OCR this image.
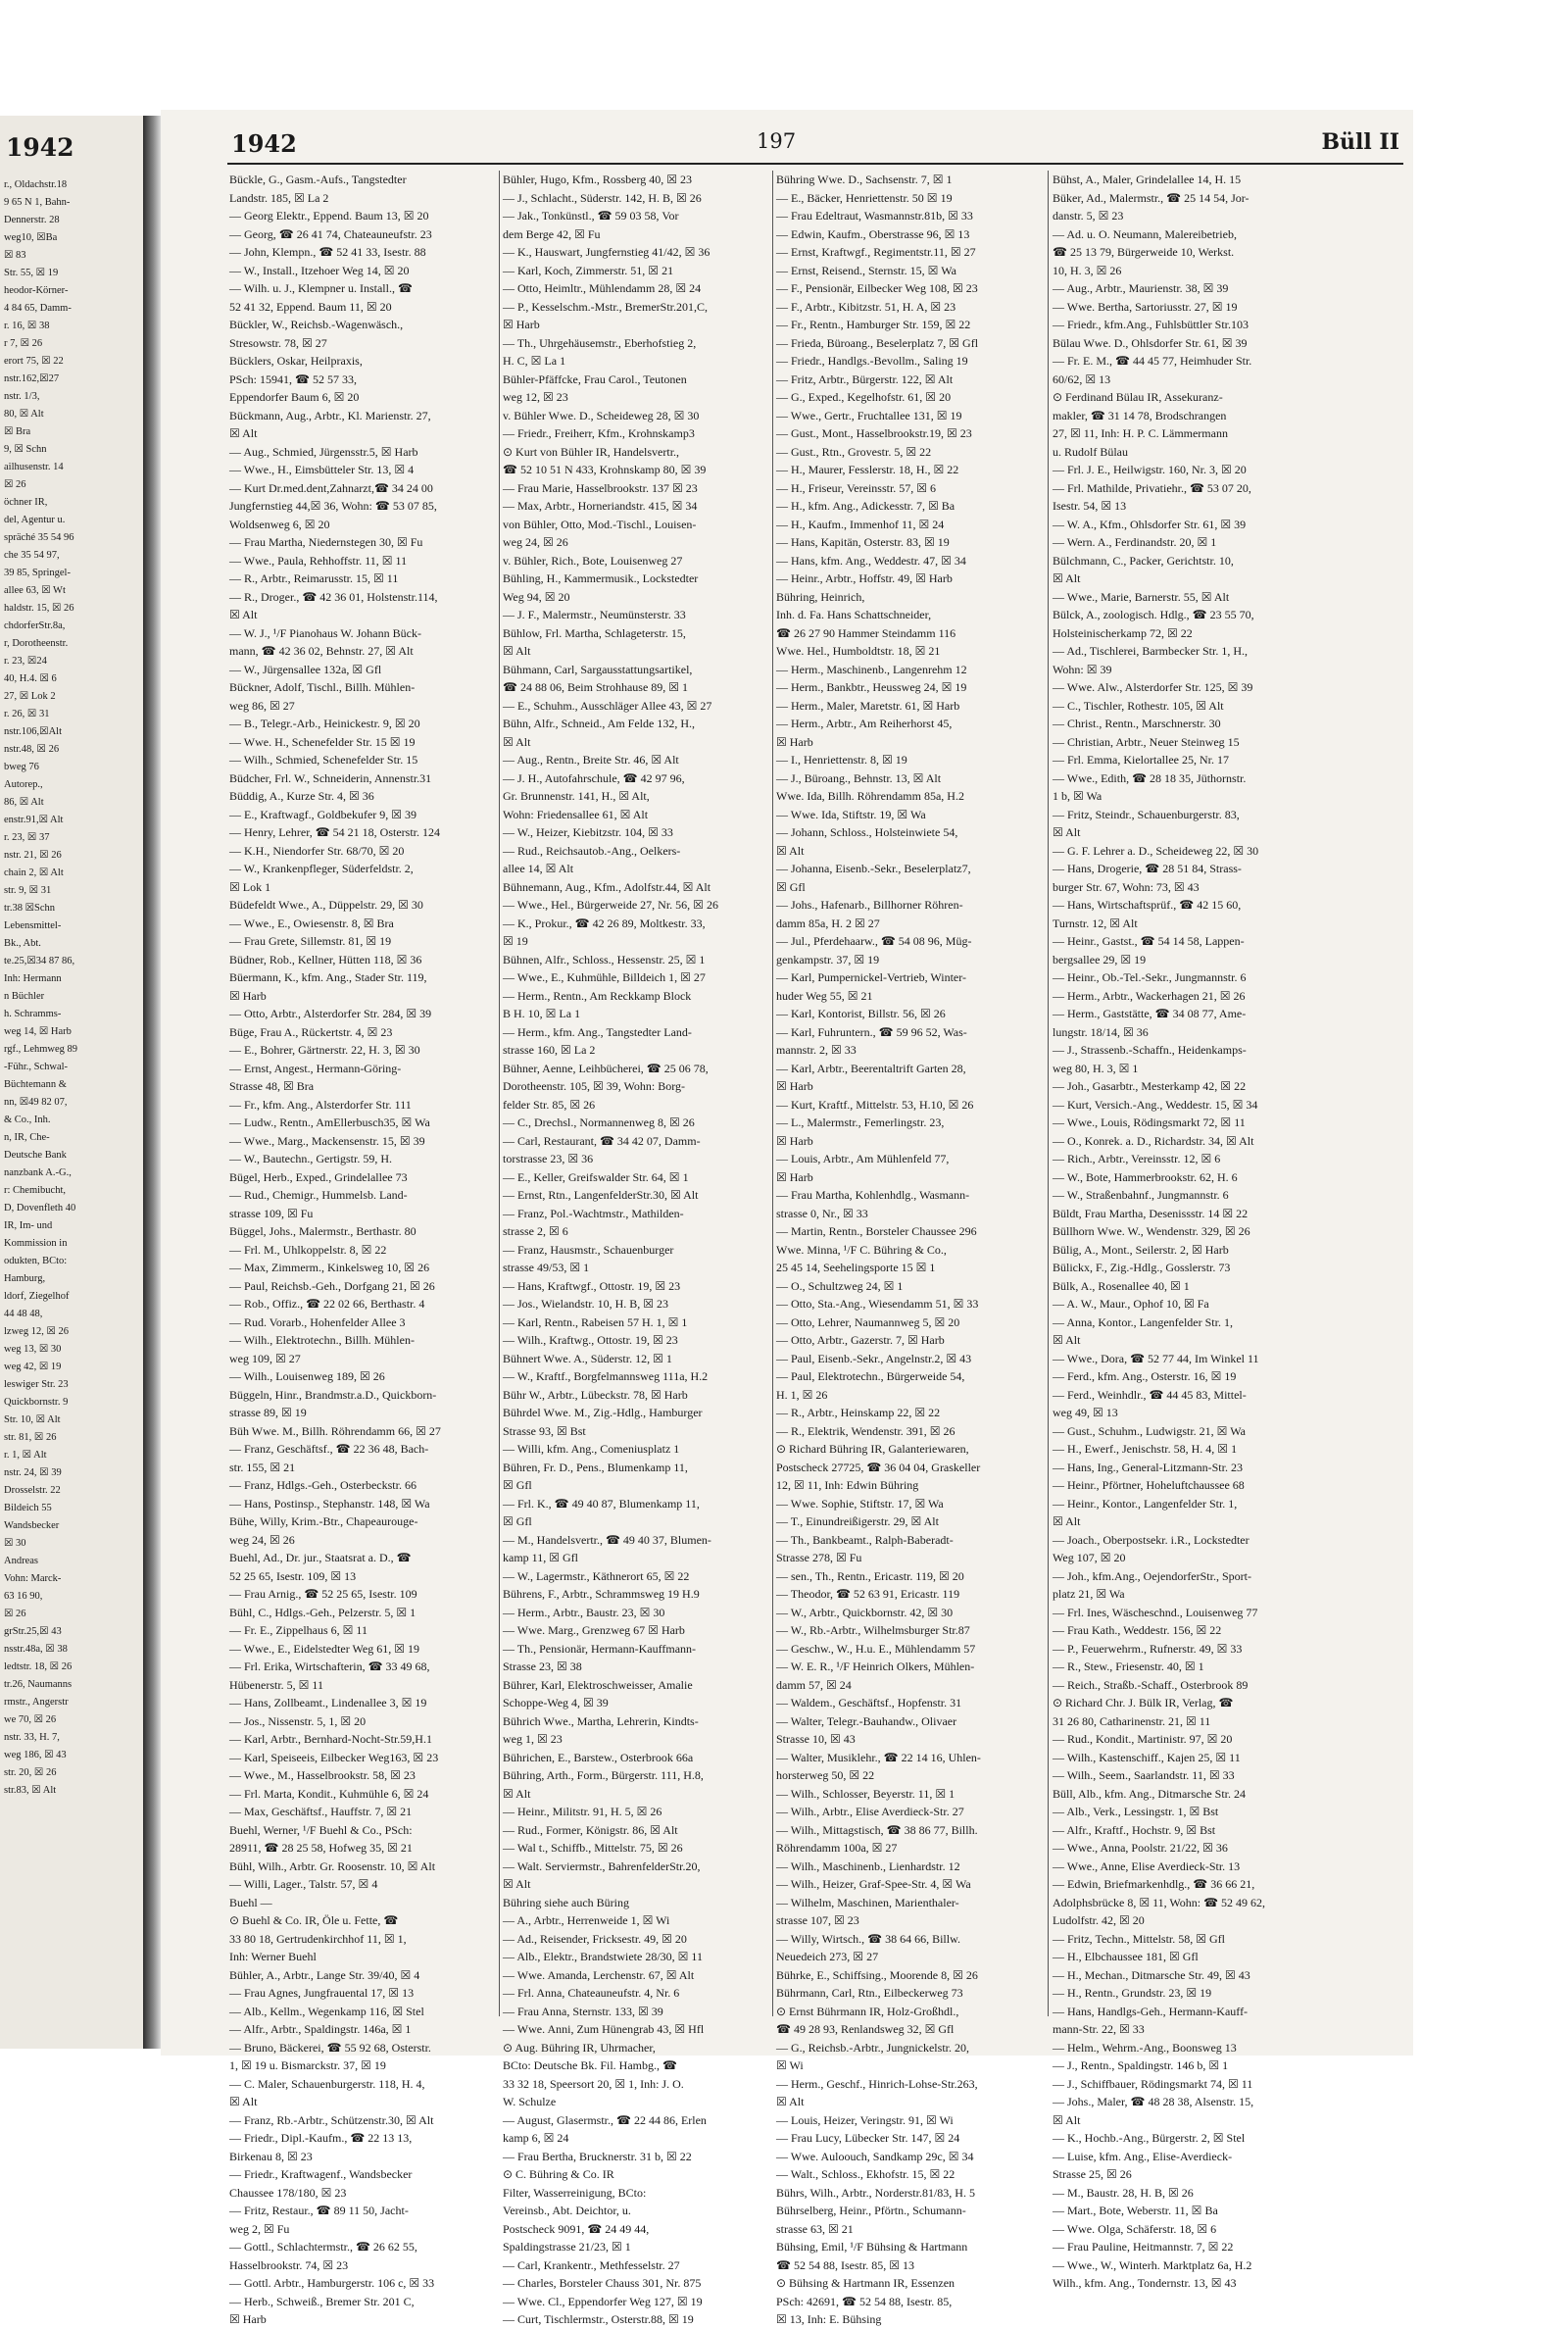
1942
r., Oldachstr.18
9 65 N 1, Bahn-
Dennerstr. 28
weg10, ☒Ba
☒ 83
Str. 55, ☒ 19
heodor-Körner-
4 84 65, Damm-
r. 16, ☒ 38
r 7, ☒ 26
erort 75, ☒ 22
nstr.162,☒27
nstr. 1/3,
80, ☒ Alt
☒ Bra
9, ☒ Schn
ailhusenstr. 14
☒ 26
öchner IR,
del, Agentur u.
spräché 35 54 96
che 35 54 97,
39 85, Springel-
allee 63, ☒ Wt
haldstr. 15, ☒ 26
chdorferStr.8a,
r, Dorotheenstr.
r. 23, ☒24
40, H.4. ☒ 6
27, ☒ Lok 2
r. 26, ☒ 31
nstr.106,☒Alt
nstr.48, ☒ 26
bweg 76
Autorep.,
86, ☒ Alt
enstr.91,☒ Alt
r. 23, ☒ 37
nstr. 21, ☒ 26
chain 2, ☒ Alt
str. 9, ☒ 31
tr.38 ☒Schn
Lebensmittel-
Bk., Abt.
te.25,☒34 87 86,
Inh: Hermann
n Büchler
h. Schramms-
weg 14, ☒ Harb
rgf., Lehmweg 89
-Führ., Schwal-
Büchtemann &
nn, ☒49 82 07,
& Co., Inh.
n, IR, Che-
Deutsche Bank
nanzbank A.-G.,
r: Chemibucht,
D, Dovenfleth 40
IR, Im- und
Kommission in
odukten, BCto:
Hamburg,
ldorf, Ziegelhof
44 48 48,
lzweg 12, ☒ 26
weg 13, ☒ 30
weg 42, ☒ 19
leswiger Str. 23
Quickbornstr. 9
Str. 10, ☒ Alt
str. 81, ☒ 26
r. 1, ☒ Alt
nstr. 24, ☒ 39
Drosselstr. 22
Bildeich 55
Wandsbecker
☒ 30
Andreas
Vohn: Marck-
63 16 90,
☒ 26
grStr.25,☒ 43
nsstr.48a, ☒ 38
ledtstr. 18, ☒ 26
tr.26, Naumanns
rmstr., Angerstr
we 70, ☒ 26
nstr. 33, H. 7,
weg 186, ☒ 43
str. 20, ☒ 26
str.83, ☒ Alt
1942	197	Büll II
Bückle, G., Gasm.-Aufs., Tangstedter
Landstr. 185, ☒ La 2
— Georg Elektr., Eppend. Baum 13, ☒ 20
— Georg, ☎ 26 41 74, Chateauneufstr. 23
— John, Klempn., ☎ 52 41 33, Isestr. 88
— W., Install., Itzehoer Weg 14, ☒ 20
— Wilh. u. J., Klempner u. Install., ☎
52 41 32, Eppend. Baum 11, ☒ 20
Bückler, W., Reichsb.-Wagenwäsch.,
Stresowstr. 78, ☒ 27
Bücklers, Oskar, Heilpraxis,
PSch: 15941, ☎ 52 57 33,
Eppendorfer Baum 6, ☒ 20
Bückmann, Aug., Arbtr., Kl. Marienstr. 27,
☒ Alt
— Aug., Schmied, Jürgensstr.5, ☒ Harb
— Wwe., H., Eimsbütteler Str. 13, ☒ 4
— Kurt Dr.med.dent,Zahnarzt,☎ 34 24 00
Jungfernstieg 44,☒ 36, Wohn: ☎ 53 07 85,
Woldsenweg 6, ☒ 20
— Frau Martha, Niedernstegen 30, ☒ Fu
— Wwe., Paula, Rehhoffstr. 11, ☒ 11
— R., Arbtr., Reimarusstr. 15, ☒ 11
— R., Droger., ☎ 42 36 01, Holstenstr.114,
☒ Alt
— W. J., ¹/F Pianohaus W. Johann Bück-
mann, ☎ 42 36 02, Behnstr. 27, ☒ Alt
— W., Jürgensallee 132a, ☒ Gfl
Bückner, Adolf, Tischl., Billh. Mühlen-
weg 86, ☒ 27
— B., Telegr.-Arb., Heinickestr. 9, ☒ 20
— Wwe. H., Schenefelder Str. 15 ☒ 19
— Wilh., Schmied, Schenefelder Str. 15
Büdcher, Frl. W., Schneiderin, Annenstr.31
Büddig, A., Kurze Str. 4, ☒ 36
— E., Kraftwagf., Goldbekufer 9, ☒ 39
— Henry, Lehrer, ☎ 54 21 18, Osterstr. 124
— K.H., Niendorfer Str. 68/70, ☒ 20
— W., Krankenpfleger, Süderfeldstr. 2,
☒ Lok 1
Büdefeldt Wwe., A., Düppelstr. 29, ☒ 30
— Wwe., E., Owiesenstr. 8, ☒ Bra
— Frau Grete, Sillemstr. 81, ☒ 19
Büdner, Rob., Kellner, Hütten 118, ☒ 36
Büermann, K., kfm. Ang., Stader Str. 119,
☒ Harb
— Otto, Arbtr., Alsterdorfer Str. 284, ☒ 39
Büge, Frau A., Rückertstr. 4, ☒ 23
— E., Bohrer, Gärtnerstr. 22, H. 3, ☒ 30
— Ernst, Angest., Hermann-Göring-
Strasse 48, ☒ Bra
— Fr., kfm. Ang., Alsterdorfer Str. 111
— Ludw., Rentn., AmEllerbusch35, ☒ Wa
— Wwe., Marg., Mackensenstr. 15, ☒ 39
— W., Bautechn., Gertigstr. 59, H.
Bügel, Herb., Exped., Grindelallee 73
— Rud., Chemigr., Hummelsb. Land-
strasse 109, ☒ Fu
Büggel, Johs., Malermstr., Berthastr. 80
— Frl. M., Uhlkoppelstr. 8, ☒ 22
— Max, Zimmerm., Kinkelsweg 10, ☒ 26
— Paul, Reichsb.-Geh., Dorfgang 21, ☒ 26
— Rob., Offiz., ☎ 22 02 66, Berthastr. 4
— Rud. Vorarb., Hohenfelder Allee 3
— Wilh., Elektrotechn., Billh. Mühlen-
weg 109, ☒ 27
— Wilh., Louisenweg 189, ☒ 26
Büggeln, Hinr., Brandmstr.a.D., Quickborn-
strasse 89, ☒ 19
Büh Wwe. M., Billh. Röhrendamm 66, ☒ 27
— Franz, Geschäftsf., ☎ 22 36 48, Bach-
str. 155, ☒ 21
— Franz, Hdlgs.-Geh., Osterbeckstr. 66
— Hans, Postinsp., Stephanstr. 148, ☒ Wa
Bühe, Willy, Krim.-Btr., Chapeaurouge-
weg 24, ☒ 26
Buehl, Ad., Dr. jur., Staatsrat a. D., ☎
52 25 65, Isestr. 109, ☒ 13
— Frau Arnig., ☎ 52 25 65, Isestr. 109
Bühl, C., Hdlgs.-Geh., Pelzerstr. 5, ☒ 1
— Fr. E., Zippelhaus 6, ☒ 11
— Wwe., E., Eidelstedter Weg 61, ☒ 19
— Frl. Erika, Wirtschafterin, ☎ 33 49 68,
Hübenerstr. 5, ☒ 11
— Hans, Zollbeamt., Lindenallee 3, ☒ 19
— Jos., Nissenstr. 5, 1, ☒ 20
— Karl, Arbtr., Bernhard-Nocht-Str.59,H.1
— Karl, Speiseeis, Eilbecker Weg163, ☒ 23
— Wwe., M., Hasselbrookstr. 58, ☒ 23
— Frl. Marta, Kondit., Kuhmühle 6, ☒ 24
— Max, Geschäftsf., Hauffstr. 7, ☒ 21
Buehl, Werner, ¹/F Buehl & Co., PSch:
28911, ☎ 28 25 58, Hofweg 35, ☒ 21
Bühl, Wilh., Arbtr. Gr. Roosenstr. 10, ☒ Alt
— Willi, Lager., Talstr. 57, ☒ 4
Buehl —
⊙ Buehl & Co. IR, Öle u. Fette, ☎
33 80 18, Gertrudenkirchhof 11, ☒ 1,
Inh: Werner Buehl
Bühler, A., Arbtr., Lange Str. 39/40, ☒ 4
— Frau Agnes, Jungfrauental 17, ☒ 13
— Alb., Kellm., Wegenkamp 116, ☒ Stel
— Alfr., Arbtr., Spaldingstr. 146a, ☒ 1
— Bruno, Bäckerei, ☎ 55 92 68, Osterstr.
1, ☒ 19 u. Bismarckstr. 37, ☒ 19
— C. Maler, Schauenburgerstr. 118, H. 4,
☒ Alt
— Franz, Rb.-Arbtr., Schützenstr.30, ☒ Alt
— Friedr., Dipl.-Kaufm., ☎ 22 13 13,
Birkenau 8, ☒ 23
— Friedr., Kraftwagenf., Wandsbecker
Chaussee 178/180, ☒ 23
— Fritz, Restaur., ☎ 89 11 50, Jacht-
weg 2, ☒ Fu
— Gottl., Schlachtermstr., ☎ 26 62 55,
Hasselbrookstr. 74, ☒ 23
— Gottl. Arbtr., Hamburgerstr. 106 c, ☒ 33
— Herb., Schweiß., Bremer Str. 201 C,
☒ Harb
Bühler, Hugo, Kfm., Rossberg 40, ☒ 23
— J., Schlacht., Süderstr. 142, H. B, ☒ 26
— Jak., Tonkünstl., ☎ 59 03 58, Vor
dem Berge 42, ☒ Fu
— K., Hauswart, Jungfernstieg 41/42, ☒ 36
— Karl, Koch, Zimmerstr. 51, ☒ 21
— Otto, Heimltr., Mühlendamm 28, ☒ 24
— P., Kesselschm.-Mstr., BremerStr.201,C,
☒ Harb
— Th., Uhrgehäusemstr., Eberhofstieg 2,
H. C, ☒ La 1
Bühler-Pfäffcke, Frau Carol., Teutonen
weg 12, ☒ 23
v. Bühler Wwe. D., Scheideweg 28, ☒ 30
— Friedr., Freiherr, Kfm., Krohnskamp3
⊙ Kurt von Bühler IR, Handelsvertr.,
☎ 52 10 51 N 433, Krohnskamp 80, ☒ 39
— Frau Marie, Hasselbrookstr. 137 ☒ 23
— Max, Arbtr., Horneriandstr. 415, ☒ 34
von Bühler, Otto, Mod.-Tischl., Louisen-
weg 24, ☒ 26
v. Bühler, Rich., Bote, Louisenweg 27
Bühling, H., Kammermusik., Lockstedter
Weg 94, ☒ 20
— J. F., Malermstr., Neumünsterstr. 33
Bühlow, Frl. Martha, Schlageterstr. 15,
☒ Alt
Bühmann, Carl, Sargausstattungsartikel,
☎ 24 88 06, Beim Strohhause 89, ☒ 1
— E., Schuhm., Ausschläger Allee 43, ☒ 27
Bühn, Alfr., Schneid., Am Felde 132, H.,
☒ Alt
— Aug., Rentn., Breite Str. 46, ☒ Alt
— J. H., Autofahrschule, ☎ 42 97 96,
Gr. Brunnenstr. 141, H., ☒ Alt,
Wohn: Friedensallee 61, ☒ Alt
— W., Heizer, Kiebitzstr. 104, ☒ 33
— Rud., Reichsautob.-Ang., Oelkers-
allee 14, ☒ Alt
Bühnemann, Aug., Kfm., Adolfstr.44, ☒ Alt
— Wwe., Hel., Bürgerweide 27, Nr. 56, ☒ 26
— K., Prokur., ☎ 42 26 89, Moltkestr. 33,
☒ 19
Bühnen, Alfr., Schloss., Hessenstr. 25, ☒ 1
— Wwe., E., Kuhmühle, Billdeich 1, ☒ 27
— Herm., Rentn., Am Reckkamp Block
B H. 10, ☒ La 1
— Herm., kfm. Ang., Tangstedter Land-
strasse 160, ☒ La 2
Bühner, Aenne, Leihbücherei, ☎ 25 06 78,
Dorotheenstr. 105, ☒ 39, Wohn: Borg-
felder Str. 85, ☒ 26
— C., Drechsl., Normannenweg 8, ☒ 26
— Carl, Restaurant, ☎ 34 42 07, Damm-
torstrasse 23, ☒ 36
— E., Keller, Greifswalder Str. 64, ☒ 1
— Ernst, Rtn., LangenfelderStr.30, ☒ Alt
— Franz, Pol.-Wachtmstr., Mathilden-
strasse 2, ☒ 6
— Franz, Hausmstr., Schauenburger
strasse 49/53, ☒ 1
— Hans, Kraftwgf., Ottostr. 19, ☒ 23
— Jos., Wielandstr. 10, H. B, ☒ 23
— Karl, Rentn., Rabeisen 57 H. 1, ☒ 1
— Wilh., Kraftwg., Ottostr. 19, ☒ 23
Bühnert Wwe. A., Süderstr. 12, ☒ 1
— W., Kraftf., Borgfelmannsweg 111a, H.2
Bühr W., Arbtr., Lübeckstr. 78, ☒ Harb
Bührdel Wwe. M., Zig.-Hdlg., Hamburger
Strasse 93, ☒ Bst
— Willi, kfm. Ang., Comeniusplatz 1
Bühren, Fr. D., Pens., Blumenkamp 11,
☒ Gfl
— Frl. K., ☎ 49 40 87, Blumenkamp 11,
☒ Gfl
— M., Handelsvertr., ☎ 49 40 37, Blumen-
kamp 11, ☒ Gfl
— W., Lagermstr., Käthnerort 65, ☒ 22
Bührens, F., Arbtr., Schrammsweg 19 H.9
— Herm., Arbtr., Baustr. 23, ☒ 30
— Wwe. Marg., Grenzweg 67 ☒ Harb
— Th., Pensionär, Hermann-Kauffmann-
Strasse 23, ☒ 38
Bührer, Karl, Elektroschweisser, Amalie
Schoppe-Weg 4, ☒ 39
Bührich Wwe., Martha, Lehrerin, Kindts-
weg 1, ☒ 23
Bührichen, E., Barstew., Osterbrook 66a
Bühring, Arth., Form., Bürgerstr. 111, H.8,
☒ Alt
— Heinr., Militstr. 91, H. 5, ☒ 26
— Rud., Former, Königstr. 86, ☒ Alt
— Wal t., Schiffb., Mittelstr. 75, ☒ 26
— Walt. Serviermstr., BahrenfelderStr.20,
☒ Alt
Bühring siehe auch Büring
— A., Arbtr., Herrenweide 1, ☒ Wi
— Ad., Reisender, Fricksestr. 49, ☒ 20
— Alb., Elektr., Brandstwiete 28/30, ☒ 11
— Wwe. Amanda, Lerchenstr. 67, ☒ Alt
— Frl. Anna, Chateauneufstr. 4, Nr. 6
— Frau Anna, Sternstr. 133, ☒ 39
— Wwe. Anni, Zum Hünengrab 43, ☒ Hfl
⊙ Aug. Bühring IR, Uhrmacher,
BCto: Deutsche Bk. Fil. Hambg., ☎
33 32 18, Speersort 20, ☒ 1, Inh: J. O.
W. Schulze
— August, Glasermstr., ☎ 22 44 86, Erlen
kamp 6, ☒ 24
— Frau Bertha, Brucknerstr. 31 b, ☒ 22
⊙ C. Bühring & Co. IR
Filter, Wasserreinigung, BCto:
Vereinsb., Abt. Deichtor, u.
Postscheck 9091, ☎ 24 49 44,
Spaldingstrasse 21/23, ☒ 1
— Carl, Krankentr., Methfesselstr. 27
— Charles, Borsteler Chauss 301, Nr. 875
— Wwe. Cl., Eppendorfer Weg 127, ☒ 19
— Curt, Tischlermstr., Osterstr.88, ☒ 19
Bühring Wwe. D., Sachsenstr. 7, ☒ 1
— E., Bäcker, Henriettenstr. 50 ☒ 19
— Frau Edeltraut, Wasmannstr.81b, ☒ 33
— Edwin, Kaufm., Oberstrasse 96, ☒ 13
— Ernst, Kraftwgf., Regimentstr.11, ☒ 27
— Ernst, Reisend., Sternstr. 15, ☒ Wa
— F., Pensionär, Eilbecker Weg 108, ☒ 23
— F., Arbtr., Kibitzstr. 51, H. A, ☒ 23
— Fr., Rentn., Hamburger Str. 159, ☒ 22
— Frieda, Büroang., Beselerplatz 7, ☒ Gfl
— Friedr., Handlgs.-Bevollm., Saling 19
— Fritz, Arbtr., Bürgerstr. 122, ☒ Alt
— G., Exped., Kegelhofstr. 61, ☒ 20
— Wwe., Gertr., Fruchtallee 131, ☒ 19
— Gust., Mont., Hasselbrookstr.19, ☒ 23
— Gust., Rtn., Grovestr. 5, ☒ 22
— H., Maurer, Fesslerstr. 18, H., ☒ 22
— H., Friseur, Vereinsstr. 57, ☒ 6
— H., kfm. Ang., Adickesstr. 7, ☒ Ba
— H., Kaufm., Immenhof 11, ☒ 24
— Hans, Kapitän, Osterstr. 83, ☒ 19
— Hans, kfm. Ang., Weddestr. 47, ☒ 34
— Heinr., Arbtr., Hoffstr. 49, ☒ Harb
Bühring, Heinrich,
Inh. d. Fa. Hans Schattschneider,
☎ 26 27 90 Hammer Steindamm 116
Wwe. Hel., Humboldtstr. 18, ☒ 21
— Herm., Maschinenb., Langenrehm 12
— Herm., Bankbtr., Heussweg 24, ☒ 19
— Herm., Maler, Maretstr. 61, ☒ Harb
— Herm., Arbtr., Am Reiherhorst 45,
☒ Harb
— I., Henriettenstr. 8, ☒ 19
— J., Büroang., Behnstr. 13, ☒ Alt
Wwe. Ida, Billh. Röhrendamm 85a, H.2
— Wwe. Ida, Stiftstr. 19, ☒ Wa
— Johann, Schloss., Holsteinwiete 54,
☒ Alt
— Johanna, Eisenb.-Sekr., Beselerplatz7,
☒ Gfl
— Johs., Hafenarb., Billhorner Röhren-
damm 85a, H. 2 ☒ 27
— Jul., Pferdehaarw., ☎ 54 08 96, Müg-
genkampstr. 37, ☒ 19
— Karl, Pumpernickel-Vertrieb, Winter-
huder Weg 55, ☒ 21
— Karl, Kontorist, Billstr. 56, ☒ 26
— Karl, Fuhruntern., ☎ 59 96 52, Was-
mannstr. 2, ☒ 33
— Karl, Arbtr., Beerentaltrift Garten 28,
☒ Harb
— Kurt, Kraftf., Mittelstr. 53, H.10, ☒ 26
— L., Malermstr., Femerlingstr. 23,
☒ Harb
— Louis, Arbtr., Am Mühlenfeld 77,
☒ Harb
— Frau Martha, Kohlenhdlg., Wasmann-
strasse 0, Nr., ☒ 33
— Martin, Rentn., Borsteler Chaussee 296
Wwe. Minna, ¹/F C. Bühring & Co.,
25 45 14, Seehelingsporte 15 ☒ 1
— O., Schultzweg 24, ☒ 1
— Otto, Sta.-Ang., Wiesendamm 51, ☒ 33
— Otto, Lehrer, Naumannweg 5, ☒ 20
— Otto, Arbtr., Gazerstr. 7, ☒ Harb
— Paul, Eisenb.-Sekr., Angelnstr.2, ☒ 43
— Paul, Elektrotechn., Bürgerweide 54,
H. 1, ☒ 26
— R., Arbtr., Heinskamp 22, ☒ 22
— R., Elektrik, Wendenstr. 391, ☒ 26
⊙ Richard Bühring IR, Galanteriewaren,
Postscheck 27725, ☎ 36 04 04, Graskeller
12, ☒ 11, Inh: Edwin Bühring
— Wwe. Sophie, Stiftstr. 17, ☒ Wa
— T., Einundreißigerstr. 29, ☒ Alt
— Th., Bankbeamt., Ralph-Baberadt-
Strasse 278, ☒ Fu
— sen., Th., Rentn., Ericastr. 119, ☒ 20
— Theodor, ☎ 52 63 91, Ericastr. 119
— W., Arbtr., Quickbornstr. 42, ☒ 30
— W., Rb.-Arbtr., Wilhelmsburger Str.87
— Geschw., W., H.u. E., Mühlendamm 57
— W. E. R., ¹/F Heinrich Olkers, Mühlen-
damm 57, ☒ 24
— Waldem., Geschäftsf., Hopfenstr. 31
— Walter, Telegr.-Bauhandw., Olivaer
Strasse 10, ☒ 43
— Walter, Musiklehr., ☎ 22 14 16, Uhlen-
horsterweg 50, ☒ 22
— Wilh., Schlosser, Beyerstr. 11, ☒ 1
— Wilh., Arbtr., Elise Averdieck-Str. 27
— Wilh., Mittagstisch, ☎ 38 86 77, Billh.
Röhrendamm 100a, ☒ 27
— Wilh., Maschinenb., Lienhardstr. 12
— Wilh., Heizer, Graf-Spee-Str. 4, ☒ Wa
— Wilhelm, Maschinen, Marienthaler-
strasse 107, ☒ 23
— Willy, Wirtsch., ☎ 38 64 66, Billw.
Neuedeich 273, ☒ 27
Bührke, E., Schiffsing., Moorende 8, ☒ 26
Bührmann, Carl, Rtn., Eilbeckerweg 73
⊙ Ernst Bührmann IR, Holz-Großhdl.,
☎ 49 28 93, Renlandsweg 32, ☒ Gfl
— G., Reichsb.-Arbtr., Jungnickelstr. 20,
☒ Wi
— Herm., Geschf., Hinrich-Lohse-Str.263,
☒ Alt
— Louis, Heizer, Veringstr. 91, ☒ Wi
— Frau Lucy, Lübecker Str. 147, ☒ 24
— Wwe. Auloouch, Sandkamp 29c, ☒ 34
— Walt., Schloss., Ekhofstr. 15, ☒ 22
Bührs, Wilh., Arbtr., Norderstr.81/83, H. 5
Bührselberg, Heinr., Pförtn., Schumann-
strasse 63, ☒ 21
Bühsing, Emil, ¹/F Bühsing & Hartmann
☎ 52 54 88, Isestr. 85, ☒ 13
⊙ Bühsing & Hartmann IR, Essenzen
PSch: 42691, ☎ 52 54 88, Isestr. 85,
☒ 13, Inh: E. Bühsing
Bühst, A., Maler, Grindelallee 14, H. 15
Büker, Ad., Malermstr., ☎ 25 14 54, Jor-
danstr. 5, ☒ 23
— Ad. u. O. Neumann, Malereibetrieb,
☎ 25 13 79, Bürgerweide 10, Werkst.
10, H. 3, ☒ 26
— Aug., Arbtr., Maurienstr. 38, ☒ 39
— Wwe. Bertha, Sartoriusstr. 27, ☒ 19
— Friedr., kfm.Ang., Fuhlsbüttler Str.103
Bülau Wwe. D., Ohlsdorfer Str. 61, ☒ 39
— Fr. E. M., ☎ 44 45 77, Heimhuder Str.
60/62, ☒ 13
⊙ Ferdinand Bülau IR, Assekuranz-
makler, ☎ 31 14 78, Brodschrangen
27, ☒ 11, Inh: H. P. C. Lämmermann
u. Rudolf Bülau
— Frl. J. E., Heilwigstr. 160, Nr. 3, ☒ 20
— Frl. Mathilde, Privatiehr., ☎ 53 07 20,
Isestr. 54, ☒ 13
— W. A., Kfm., Ohlsdorfer Str. 61, ☒ 39
— Wern. A., Ferdinandstr. 20, ☒ 1
Bülchmann, C., Packer, Gerichtstr. 10,
☒ Alt
— Wwe., Marie, Barnerstr. 55, ☒ Alt
Bülck, A., zoologisch. Hdlg., ☎ 23 55 70,
Holsteinischerkamp 72, ☒ 22
— Ad., Tischlerei, Barmbecker Str. 1, H.,
Wohn: ☒ 39
— Wwe. Alw., Alsterdorfer Str. 125, ☒ 39
— C., Tischler, Rothestr. 105, ☒ Alt
— Christ., Rentn., Marschnerstr. 30
— Christian, Arbtr., Neuer Steinweg 15
— Frl. Emma, Kielortallee 25, Nr. 17
— Wwe., Edith, ☎ 28 18 35, Jüthornstr.
1 b, ☒ Wa
— Fritz, Steindr., Schauenburgerstr. 83,
☒ Alt
— G. F. Lehrer a. D., Scheideweg 22, ☒ 30
— Hans, Drogerie, ☎ 28 51 84, Strass-
burger Str. 67, Wohn: 73, ☒ 43
— Hans, Wirtschaftsprüf., ☎ 42 15 60,
Turnstr. 12, ☒ Alt
— Heinr., Gastst., ☎ 54 14 58, Lappen-
bergsallee 29, ☒ 19
— Heinr., Ob.-Tel.-Sekr., Jungmannstr. 6
— Herm., Arbtr., Wackerhagen 21, ☒ 26
— Herm., Gaststätte, ☎ 34 08 77, Ame-
lungstr. 18/14, ☒ 36
— J., Strassenb.-Schaffn., Heidenkamps-
weg 80, H. 3, ☒ 1
— Joh., Gasarbtr., Mesterkamp 42, ☒ 22
— Kurt, Versich.-Ang., Weddestr. 15, ☒ 34
— Wwe., Louis, Rödingsmarkt 72, ☒ 11
— O., Konrek. a. D., Richardstr. 34, ☒ Alt
— Rich., Arbtr., Vereinsstr. 12, ☒ 6
— W., Bote, Hammerbrookstr. 62, H. 6
— W., Straßenbahnf., Jungmannstr. 6
Büldt, Frau Martha, Desenissstr. 14 ☒ 22
Büllhorn Wwe. W., Wendenstr. 329, ☒ 26
Bülig, A., Mont., Seilerstr. 2, ☒ Harb
Bülickx, F., Zig.-Hdlg., Gosslerstr. 73
Bülk, A., Rosenallee 40, ☒ 1
— A. W., Maur., Ophof 10, ☒ Fa
— Anna, Kontor., Langenfelder Str. 1,
☒ Alt
— Wwe., Dora, ☎ 52 77 44, Im Winkel 11
— Ferd., kfm. Ang., Osterstr. 16, ☒ 19
— Ferd., Weinhdlr., ☎ 44 45 83, Mittel-
weg 49, ☒ 13
— Gust., Schuhm., Ludwigstr. 21, ☒ Wa
— H., Ewerf., Jenischstr. 58, H. 4, ☒ 1
— Hans, Ing., General-Litzmann-Str. 23
— Heinr., Pförtner, Hoheluftchaussee 68
— Heinr., Kontor., Langenfelder Str. 1,
☒ Alt
— Joach., Oberpostsekr. i.R., Lockstedter
Weg 107, ☒ 20
— Joh., kfm.Ang., OejendorferStr., Sport-
platz 21, ☒ Wa
— Frl. Ines, Wäscheschnd., Louisenweg 77
— Frau Kath., Weddestr. 156, ☒ 22
— P., Feuerwehrm., Rufnerstr. 49, ☒ 33
— R., Stew., Friesenstr. 40, ☒ 1
— Reich., Straßb.-Schaff., Osterbrook 89
⊙ Richard Chr. J. Bülk IR, Verlag, ☎
31 26 80, Catharinenstr. 21, ☒ 11
— Rud., Kondit., Martinistr. 97, ☒ 20
— Wilh., Kastenschiff., Kajen 25, ☒ 11
— Wilh., Seem., Saarlandstr. 11, ☒ 33
Büll, Alb., kfm. Ang., Ditmarsche Str. 24
— Alb., Verk., Lessingstr. 1, ☒ Bst
— Alfr., Kraftf., Hochstr. 9, ☒ Bst
— Wwe., Anna, Poolstr. 21/22, ☒ 36
— Wwe., Anne, Elise Averdieck-Str. 13
— Edwin, Briefmarkenhdlg., ☎ 36 66 21,
Adolphsbrücke 8, ☒ 11, Wohn: ☎ 52 49 62,
Ludolfstr. 42, ☒ 20
— Fritz, Techn., Mittelstr. 58, ☒ Gfl
— H., Elbchaussee 181, ☒ Gfl
— H., Mechan., Ditmarsche Str. 49, ☒ 43
— H., Rentn., Grundstr. 23, ☒ 19
— Hans, Handlgs-Geh., Hermann-Kauff-
mann-Str. 22, ☒ 33
— Helm., Wehrm.-Ang., Boonsweg 13
— J., Rentn., Spaldingstr. 146 b, ☒ 1
— J., Schiffbauer, Rödingsmarkt 74, ☒ 11
— Johs., Maler, ☎ 48 28 38, Alsenstr. 15,
☒ Alt
— K., Hochb.-Ang., Bürgerstr. 2, ☒ Stel
— Luise, kfm. Ang., Elise-Averdieck-
Strasse 25, ☒ 26
— M., Baustr. 28, H. B, ☒ 26
— Mart., Bote, Weberstr. 11, ☒ Ba
— Wwe. Olga, Schäferstr. 18, ☒ 6
— Frau Pauline, Heitmannstr. 7, ☒ 22
— Wwe., W., Winterh. Marktplatz 6a, H.2
Wilh., kfm. Ang., Tondernstr. 13, ☒ 43
